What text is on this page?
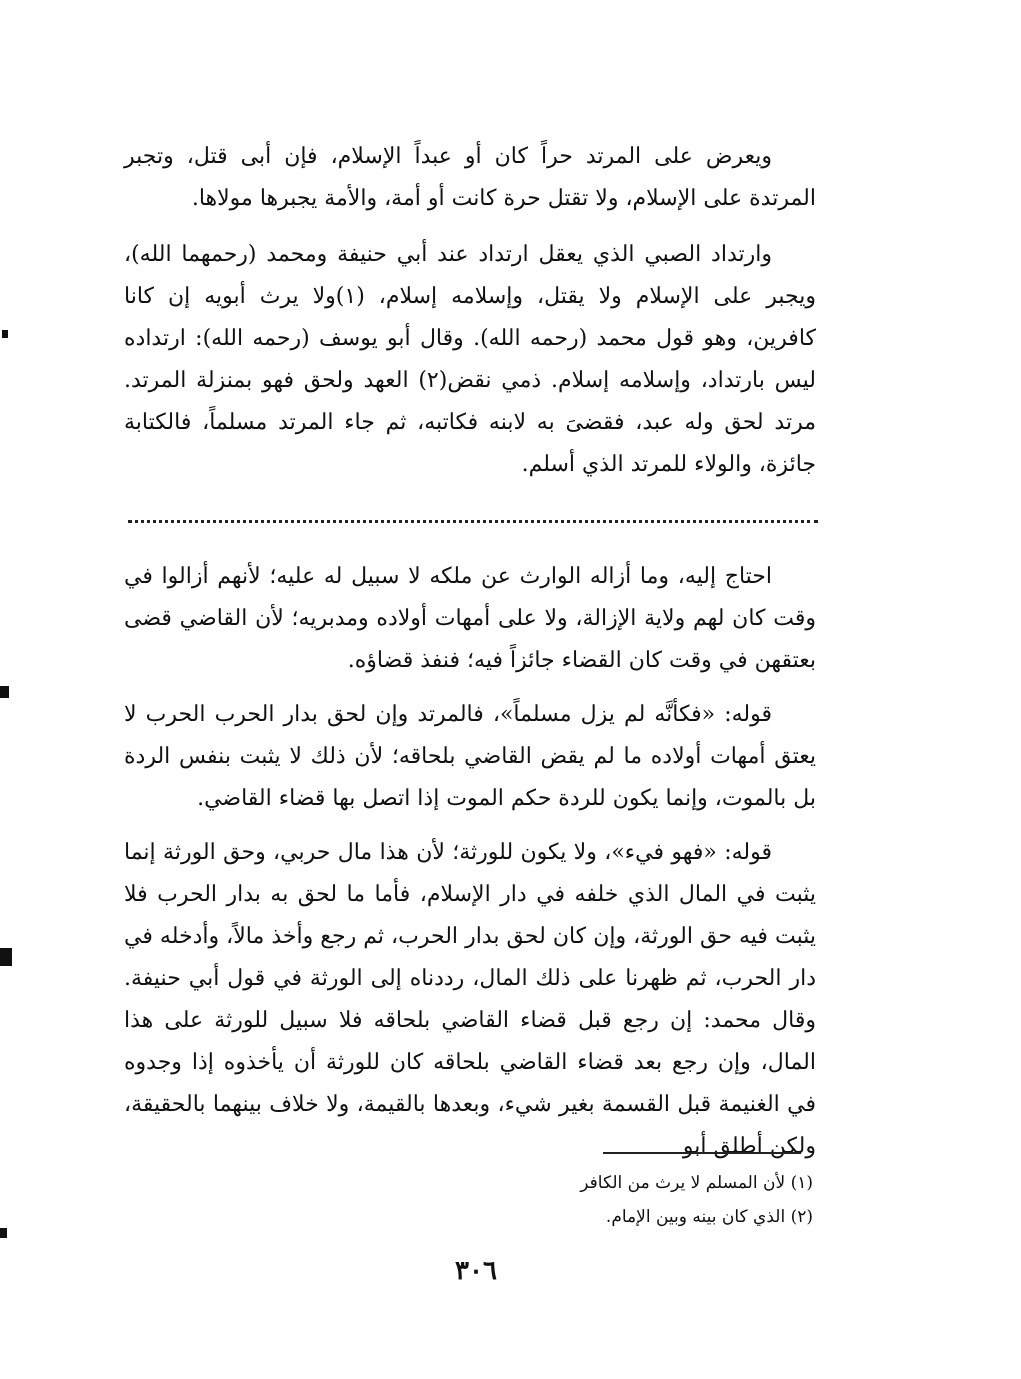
ويعرض على المرتد حراً كان أو عبداً الإسلام، فإن أبى قتل، وتجبر المرتدة على الإسلام، ولا تقتل حرة كانت أو أمة، والأمة يجبرها مولاها.

وارتداد الصبي الذي يعقل ارتداد عند أبي حنيفة ومحمد (رحمهما الله)، ويجبر على الإسلام ولا يقتل، وإسلامه إسلام، (١)ولا يرث أبويه إن كانا كافرين، وهو قول محمد (رحمه الله). وقال أبو يوسف (رحمه الله): ارتداده ليس بارتداد، وإسلامه إسلام. ذمي نقض(٢) العهد ولحق فهو بمنزلة المرتد. مرتد لحق وله عبد، فقضىَ به لابنه فكاتبه، ثم جاء المرتد مسلماً، فالكتابة جائزة، والولاء للمرتد الذي أسلم.

احتاج إليه، وما أزاله الوارث عن ملكه لا سبيل له عليه؛ لأنهم أزالوا في وقت كان لهم ولاية الإزالة، ولا على أمهات أولاده ومدبريه؛ لأن القاضي قضى بعتقهن في وقت كان القضاء جائزاً فيه؛ فنفذ قضاؤه.

قوله: «فكأنَّه لم يزل مسلماً»، فالمرتد وإن لحق بدار الحرب الحرب لا يعتق أمهات أولاده ما لم يقض القاضي بلحاقه؛ لأن ذلك لا يثبت بنفس الردة بل بالموت، وإنما يكون للردة حكم الموت إذا اتصل بها قضاء القاضي.

قوله: «فهو فيء»، ولا يكون للورثة؛ لأن هذا مال حربي، وحق الورثة إنما يثبت في المال الذي خلفه في دار الإسلام، فأما ما لحق به بدار الحرب فلا يثبت فيه حق الورثة، وإن كان لحق بدار الحرب، ثم رجع وأخذ مالاً، وأدخله في دار الحرب، ثم ظهرنا على ذلك المال، رددناه إلى الورثة في قول أبي حنيفة. وقال محمد: إن رجع قبل قضاء القاضي بلحاقه فلا سبيل للورثة على هذا المال، وإن رجع بعد قضاء القاضي بلحاقه كان للورثة أن يأخذوه إذا وجدوه في الغنيمة قبل القسمة بغير شيء، وبعدها بالقيمة، ولا خلاف بينهما بالحقيقة، ولكن أطلق أبو

(١) لأن المسلم لا يرث من الكافر
(٢) الذي كان بينه وبين الإمام.
٣٠٦
